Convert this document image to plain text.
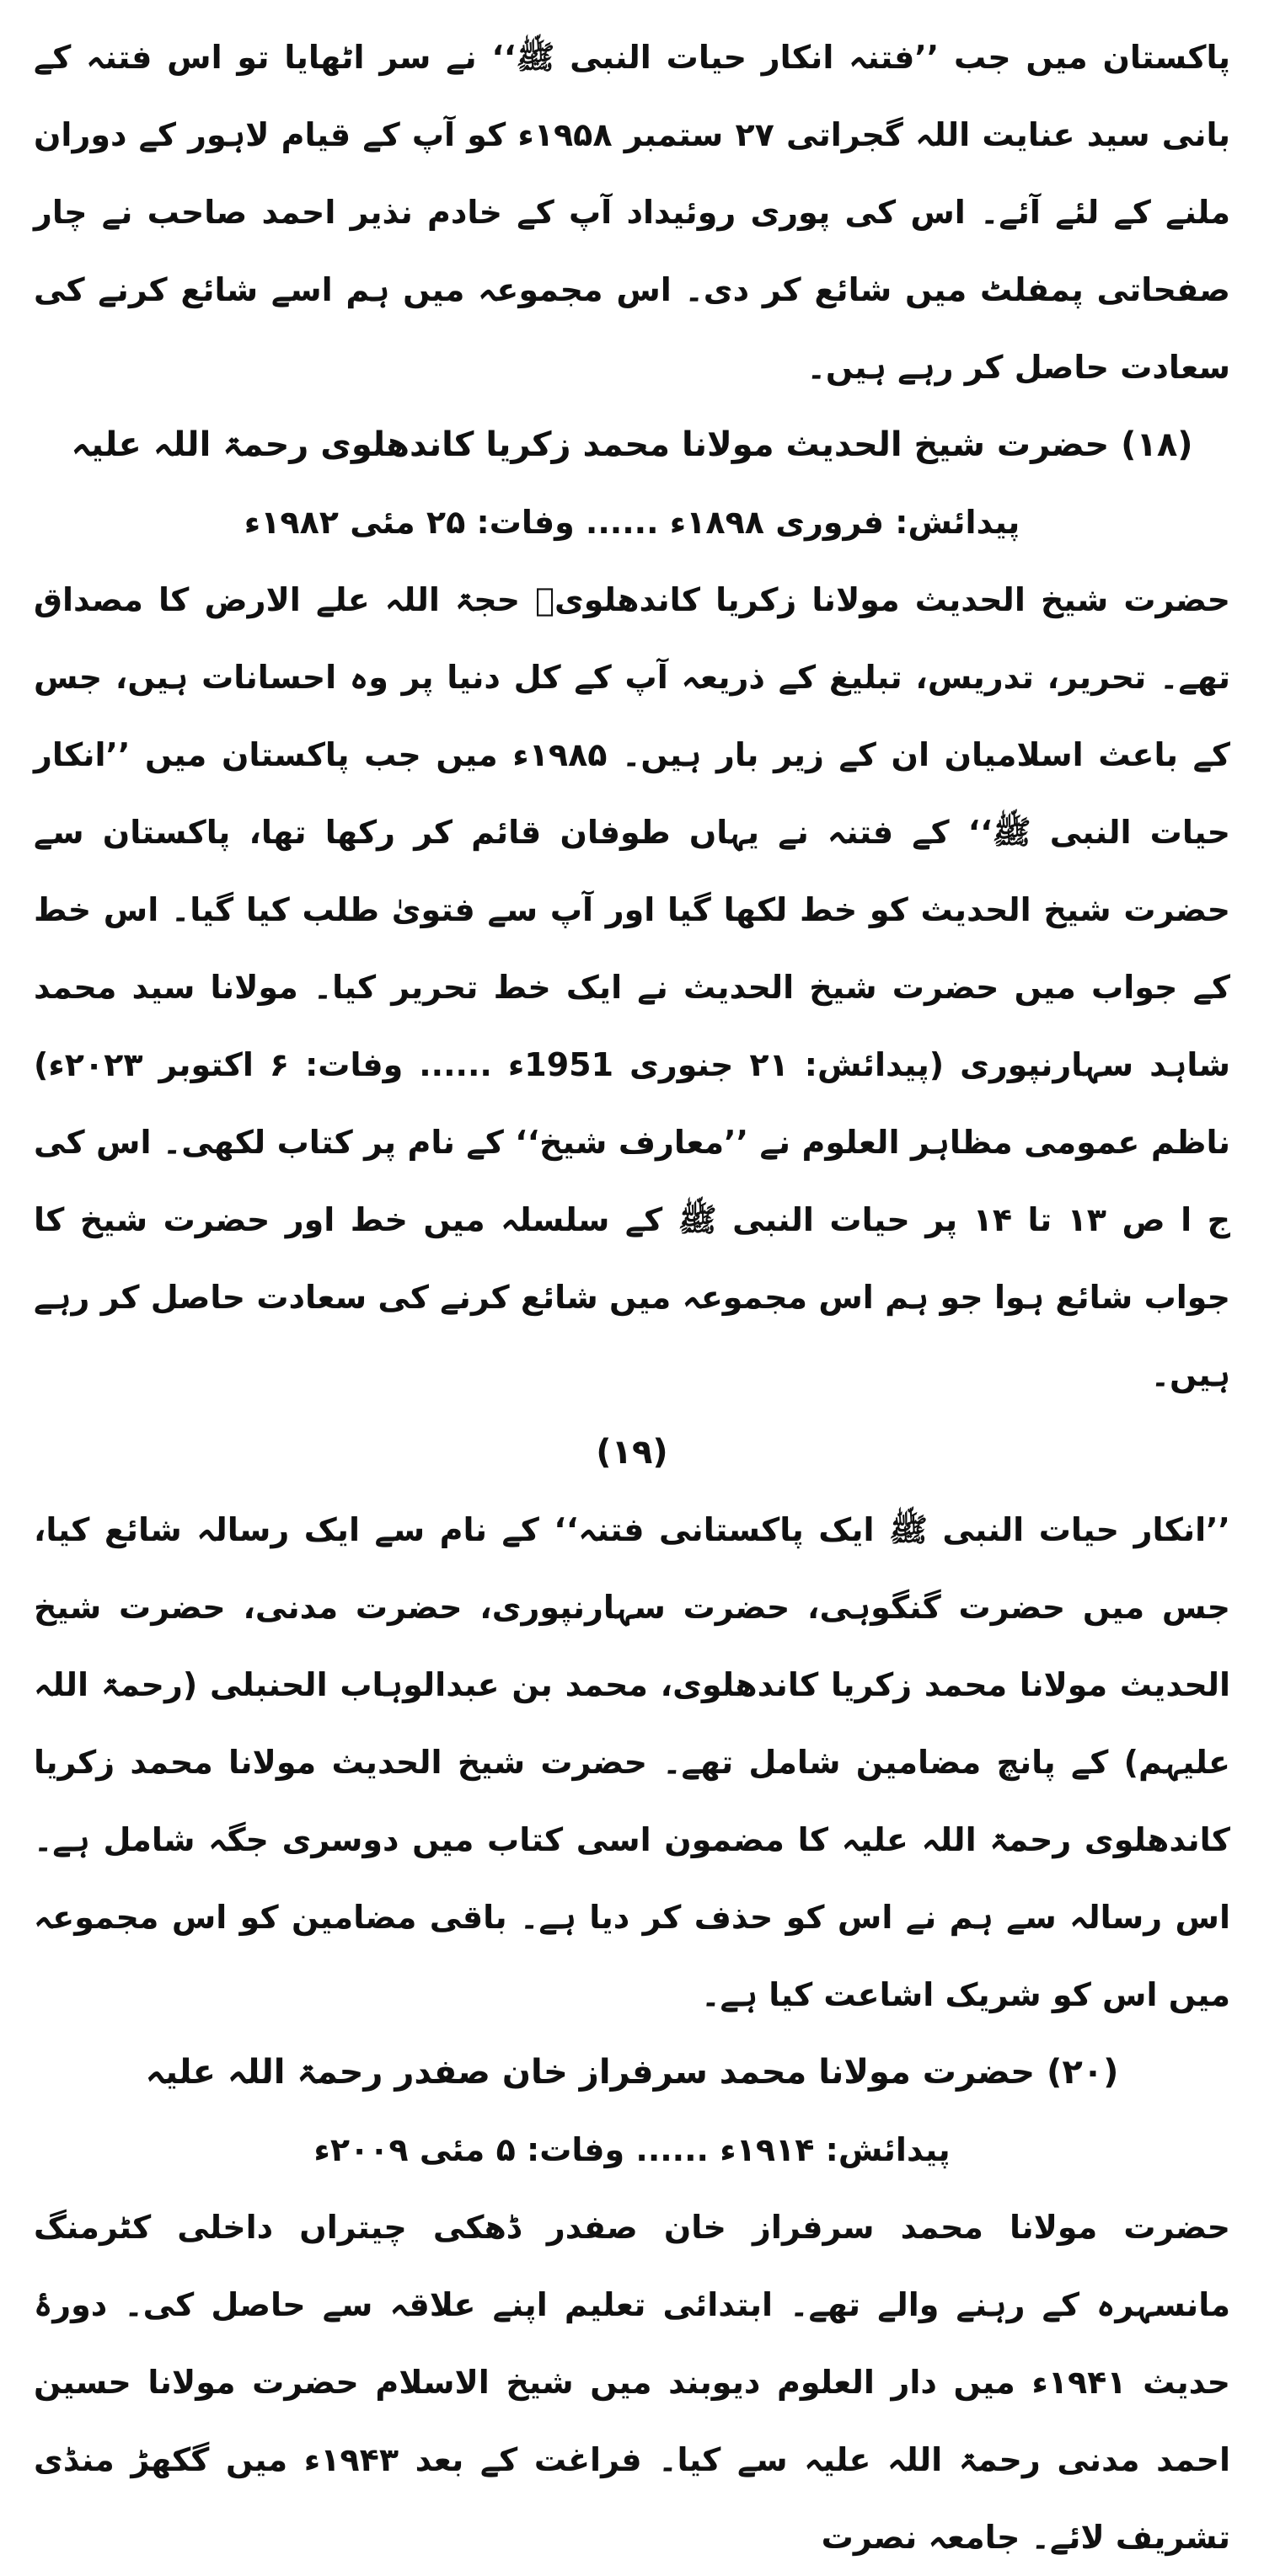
پاکستان میں جب ’’فتنہ انکار حیات النبی ﷺ‘‘ نے سر اٹھایا تو اس فتنہ کے بانی سید عنایت اللہ گجراتی ۲۷ ستمبر ۱۹۵۸ء کو آپ کے قیام لاہور کے دوران ملنے کے لئے آئے۔ اس کی پوری روئیداد آپ کے خادم نذیر احمد صاحب نے چار صفحاتی پمفلٹ میں شائع کر دی۔ اس مجموعہ میں ہم اسے شائع کرنے کی سعادت حاصل کر رہے ہیں۔

(۱۸) حضرت شیخ الحدیث مولانا محمد زکریا کاندھلوی رحمۃ اللہ علیہ

پیدائش: فروری ۱۸۹۸ء ...... وفات: ۲۵ مئی ۱۹۸۲ء

حضرت شیخ الحدیث مولانا زکریا کاندھلویؒ حجۃ اللہ علے الارض کا مصداق تھے۔ تحریر، تدریس، تبلیغ کے ذریعہ آپ کے کل دنیا پر وہ احسانات ہیں، جس کے باعث اسلامیان ان کے زیر بار ہیں۔ ۱۹۸۵ء میں جب پاکستان میں ’’انکار حیات النبی ﷺ‘‘ کے فتنہ نے یہاں طوفان قائم کر رکھا تھا، پاکستان سے حضرت شیخ الحدیث کو خط لکھا گیا اور آپ سے فتویٰ طلب کیا گیا۔ اس خط کے جواب میں حضرت شیخ الحدیث نے ایک خط تحریر کیا۔ مولانا سید محمد شاہد سہارنپوری (پیدائش: ۲۱ جنوری 1951ء ...... وفات: ۶ اکتوبر ۲۰۲۳ء) ناظم عمومی مظاہر العلوم نے ’’معارف شیخ‘‘ کے نام پر کتاب لکھی۔ اس کی ج ا ص ۱۳ تا ۱۴ پر حیات النبی ﷺ کے سلسلہ میں خط اور حضرت شیخ کا جواب شائع ہوا جو ہم اس مجموعہ میں شائع کرنے کی سعادت حاصل کر رہے ہیں۔

(۱۹)

’’انکار حیات النبی ﷺ ایک پاکستانی فتنہ‘‘ کے نام سے ایک رسالہ شائع کیا، جس میں حضرت گنگوہی، حضرت سہارنپوری، حضرت مدنی، حضرت شیخ الحدیث مولانا محمد زکریا کاندھلوی، محمد بن عبدالوہاب الحنبلی (رحمۃ اللہ علیہم) کے پانچ مضامین شامل تھے۔ حضرت شیخ الحدیث مولانا محمد زکریا کاندھلوی رحمۃ اللہ علیہ کا مضمون اسی کتاب میں دوسری جگہ شامل ہے۔ اس رسالہ سے ہم نے اس کو حذف کر دیا ہے۔ باقی مضامین کو اس مجموعہ میں اس کو شریک اشاعت کیا ہے۔

(۲۰) حضرت مولانا محمد سرفراز خان صفدر رحمۃ اللہ علیہ

پیدائش: ۱۹۱۴ء ...... وفات: ۵ مئی ۲۰۰۹ء

حضرت مولانا محمد سرفراز خان صفدر ڈھکی چیتراں داخلی کٹرمنگ مانسہرہ کے رہنے والے تھے۔ ابتدائی تعلیم اپنے علاقہ سے حاصل کی۔ دورۂ حدیث ۱۹۴۱ء میں دار العلوم دیوبند میں شیخ الاسلام حضرت مولانا حسین احمد مدنی رحمۃ اللہ علیہ سے کیا۔ فراغت کے بعد ۱۹۴۳ء میں گکھڑ منڈی تشریف لائے۔ جامعہ نصرت
